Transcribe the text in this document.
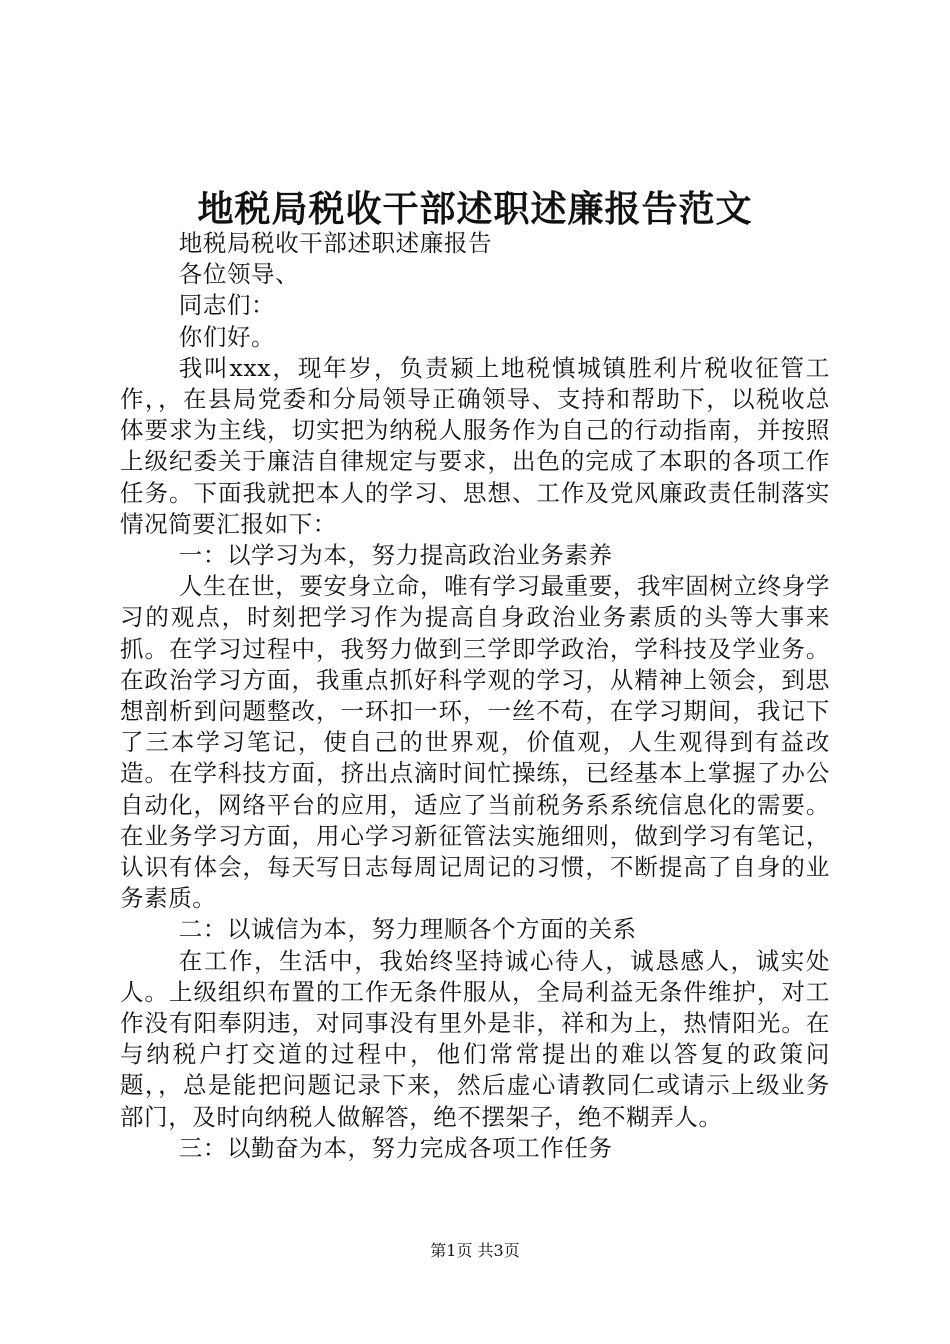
地税局税收干部述职述廉报告范文

地税局税收干部述职述廉报告

各位领导、

同志们：

你们好。

我叫xxx，现年岁，负责颍上地税慎城镇胜利片税收征管工作，，在县局党委和分局领导正确领导、支持和帮助下，以税收总体要求为主线，切实把为纳税人服务作为自己的行动指南，并按照上级纪委关于廉洁自律规定与要求，出色的完成了本职的各项工作任务。下面我就把本人的学习、思想、工作及党风廉政责任制落实情况简要汇报如下：

一：以学习为本，努力提高政治业务素养

人生在世，要安身立命，唯有学习最重要，我牢固树立终身学习的观点，时刻把学习作为提高自身政治业务素质的头等大事来抓。在学习过程中，我努力做到三学即学政治，学科技及学业务。在政治学习方面，我重点抓好科学观的学习，从精神上领会，到思想剖析到问题整改，一环扣一环，一丝不苟，在学习期间，我记下了三本学习笔记，使自己的世界观，价值观，人生观得到有益改造。在学科技方面，挤出点滴时间忙操练，已经基本上掌握了办公自动化，网络平台的应用，适应了当前税务系系统信息化的需要。在业务学习方面，用心学习新征管法实施细则，做到学习有笔记，认识有体会，每天写日志每周记周记的习惯，不断提高了自身的业务素质。

二：以诚信为本，努力理顺各个方面的关系

在工作，生活中，我始终坚持诚心待人，诚恳感人，诚实处人。上级组织布置的工作无条件服从，全局利益无条件维护，对工作没有阳奉阴违，对同事没有里外是非，祥和为上，热情阳光。在与纳税户打交道的过程中，他们常常提出的难以答复的政策问题，，总是能把问题记录下来，然后虚心请教同仁或请示上级业务部门，及时向纳税人做解答，绝不摆架子，绝不糊弄人。

三：以勤奋为本，努力完成各项工作任务

第1页 共3页
